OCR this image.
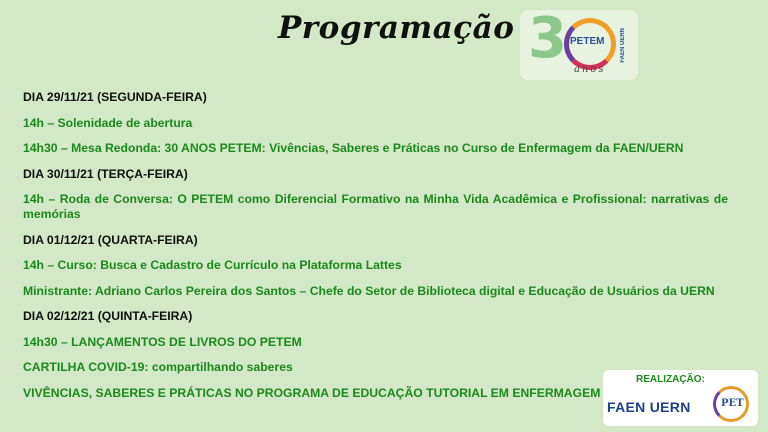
Programação 3 PETEM
anos
FAEN UERN
DIA 29/11/21 (SEGUNDA-FEIRA)
14h – Solenidade de abertura
14h30 – Mesa Redonda: 30 ANOS PETEM: Vivências, Saberes e Práticas no Curso de Enfermagem da FAEN/UERN
DIA 30/11/21 (TERÇA-FEIRA)
14h – Roda de Conversa: O PETEM como Diferencial Formativo na Minha Vida Acadêmica e Profissional: narrativas de memórias
DIA 01/12/21 (QUARTA-FEIRA)
14h – Curso: Busca e Cadastro de Currículo na Plataforma Lattes
Ministrante: Adriano Carlos Pereira dos Santos – Chefe do Setor de Biblioteca digital e Educação de Usuários da UERN
DIA 02/12/21 (QUINTA-FEIRA)
14h30 – LANÇAMENTOS DE LIVROS DO PETEM
CARTILHA COVID-19: compartilhando saberes
VIVÊNCIAS, SABERES E PRÁTICAS NO PROGRAMA DE EDUCAÇÃO TUTORIAL EM ENFERMAGEM
REALIZAÇÃO:
FAEN UERN	PET
